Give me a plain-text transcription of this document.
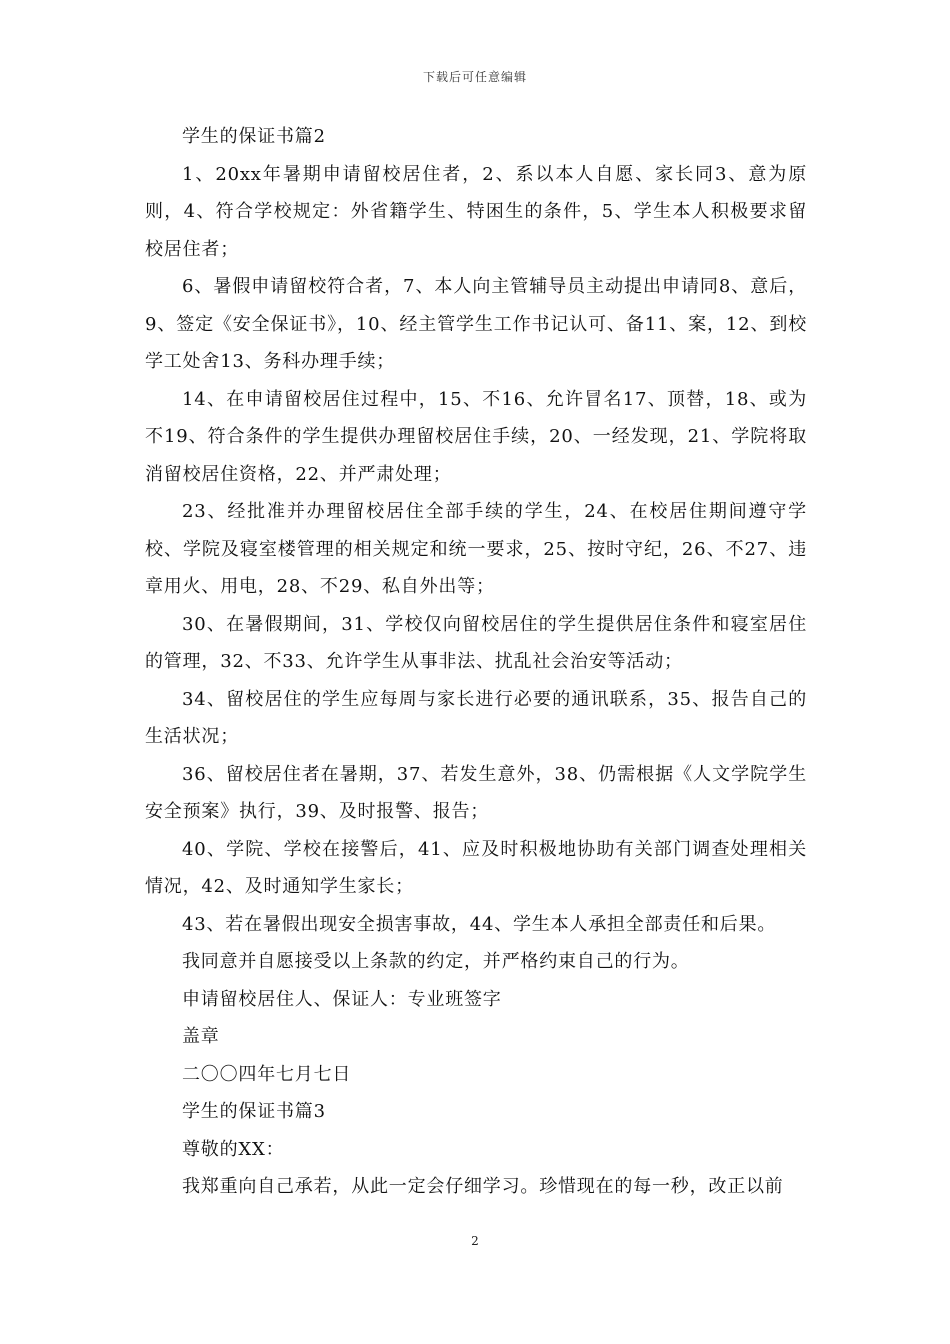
下载后可任意编辑

学生的保证书篇2

1、20xx年暑期申请留校居住者，2、系以本人自愿、家长同3、意为原则，4、符合学校规定：外省籍学生、特困生的条件，5、学生本人积极要求留校居住者；

6、暑假申请留校符合者，7、本人向主管辅导员主动提出申请同8、意后，9、签定《安全保证书》，10、经主管学生工作书记认可、备11、案，12、到校学工处舍13、务科办理手续；

14、在申请留校居住过程中，15、不16、允许冒名17、顶替，18、或为不19、符合条件的学生提供办理留校居住手续，20、一经发现，21、学院将取消留校居住资格，22、并严肃处理；

23、经批准并办理留校居住全部手续的学生，24、在校居住期间遵守学校、学院及寝室楼管理的相关规定和统一要求，25、按时守纪，26、不27、违章用火、用电，28、不29、私自外出等；

30、在暑假期间，31、学校仅向留校居住的学生提供居住条件和寝室居住的管理，32、不33、允许学生从事非法、扰乱社会治安等活动；

34、留校居住的学生应每周与家长进行必要的通讯联系，35、报告自己的生活状况；

36、留校居住者在暑期，37、若发生意外，38、仍需根据《人文学院学生安全预案》执行，39、及时报警、报告；

40、学院、学校在接警后，41、应及时积极地协助有关部门调查处理相关情况，42、及时通知学生家长；

43、若在暑假出现安全损害事故，44、学生本人承担全部责任和后果。

我同意并自愿接受以上条款的约定，并严格约束自己的行为。

申请留校居住人、保证人：专业班签字

盖章

二〇〇四年七月七日

学生的保证书篇3

尊敬的XX：

我郑重向自己承若，从此一定会仔细学习。珍惜现在的每一秒，改正以前

2
